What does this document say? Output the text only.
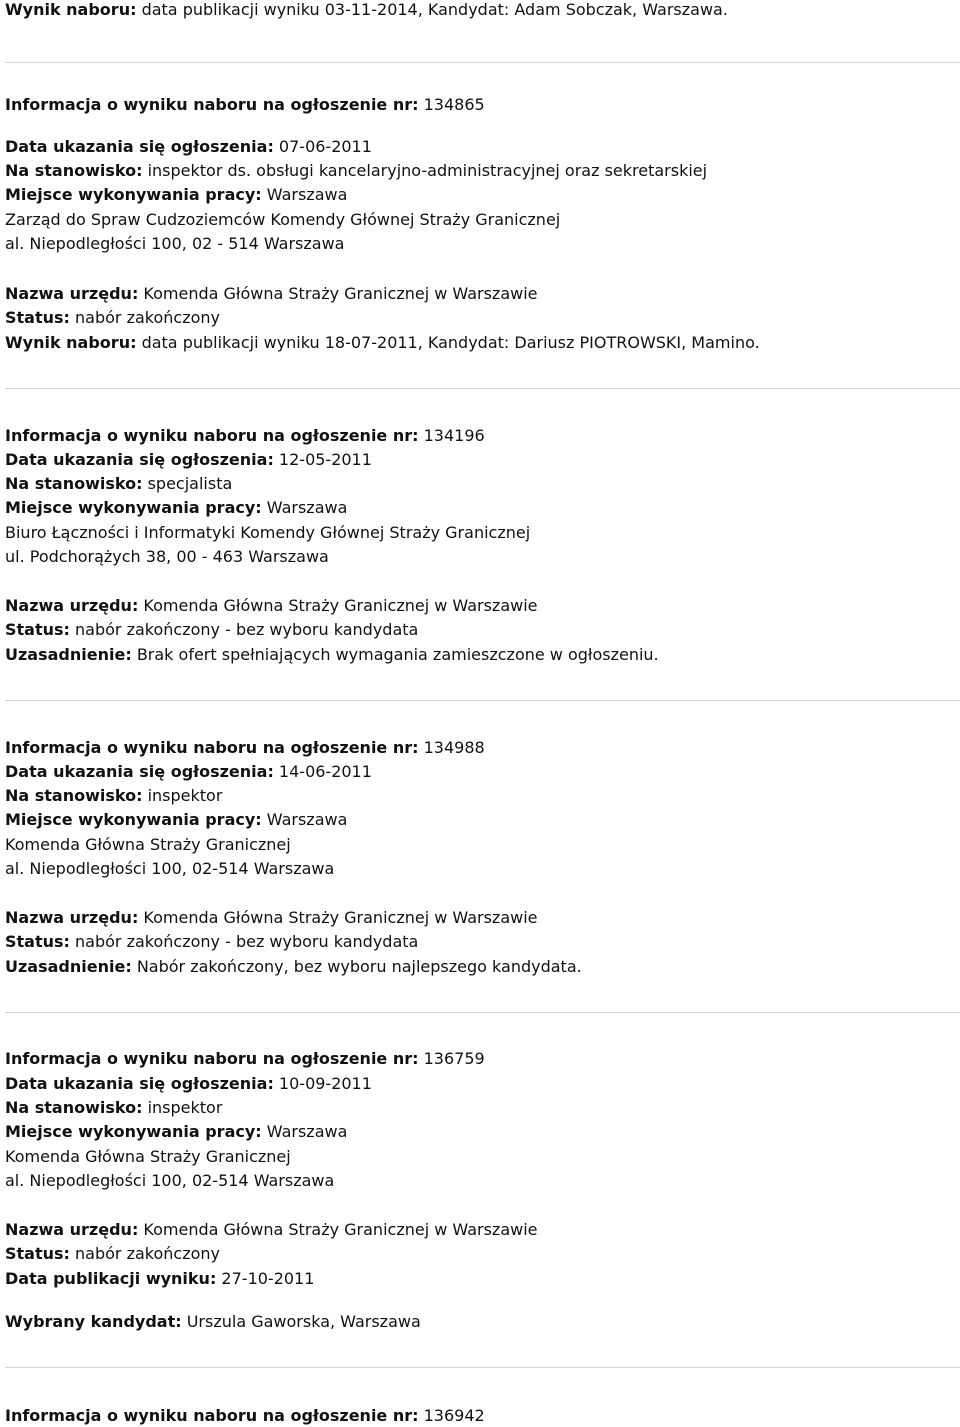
Wynik naboru: data publikacji wyniku 03-11-2014, Kandydat: Adam Sobczak, Warszawa.
Informacja o wyniku naboru na ogłoszenie nr: 134865
Data ukazania się ogłoszenia: 07-06-2011
Na stanowisko: inspektor ds. obsługi kancelaryjno-administracyjnej oraz sekretarskiej
Miejsce wykonywania pracy: Warszawa
Zarząd do Spraw Cudzoziemców Komendy Głównej Straży Granicznej
al. Niepodległości 100, 02 - 514 Warszawa
Nazwa urzędu: Komenda Główna Straży Granicznej w Warszawie
Status: nabór zakończony
Wynik naboru: data publikacji wyniku 18-07-2011, Kandydat: Dariusz PIOTROWSKI, Mamino.
Informacja o wyniku naboru na ogłoszenie nr: 134196
Data ukazania się ogłoszenia: 12-05-2011
Na stanowisko: specjalista
Miejsce wykonywania pracy: Warszawa
Biuro Łączności i Informatyki Komendy Głównej Straży Granicznej
ul. Podchorążych 38, 00 - 463 Warszawa
Nazwa urzędu: Komenda Główna Straży Granicznej w Warszawie
Status: nabór zakończony - bez wyboru kandydata
Uzasadnienie: Brak ofert spełniających wymagania zamieszczone w ogłoszeniu.
Informacja o wyniku naboru na ogłoszenie nr: 134988
Data ukazania się ogłoszenia: 14-06-2011
Na stanowisko: inspektor
Miejsce wykonywania pracy: Warszawa
Komenda Główna Straży Granicznej
al. Niepodległości 100, 02-514 Warszawa
Nazwa urzędu: Komenda Główna Straży Granicznej w Warszawie
Status: nabór zakończony - bez wyboru kandydata
Uzasadnienie: Nabór zakończony, bez wyboru najlepszego kandydata.
Informacja o wyniku naboru na ogłoszenie nr: 136759
Data ukazania się ogłoszenia: 10-09-2011
Na stanowisko: inspektor
Miejsce wykonywania pracy: Warszawa
Komenda Główna Straży Granicznej
al. Niepodległości 100, 02-514 Warszawa
Nazwa urzędu: Komenda Główna Straży Granicznej w Warszawie
Status: nabór zakończony
Data publikacji wyniku: 27-10-2011
Wybrany kandydat: Urszula Gaworska, Warszawa
Informacja o wyniku naboru na ogłoszenie nr: 136942
